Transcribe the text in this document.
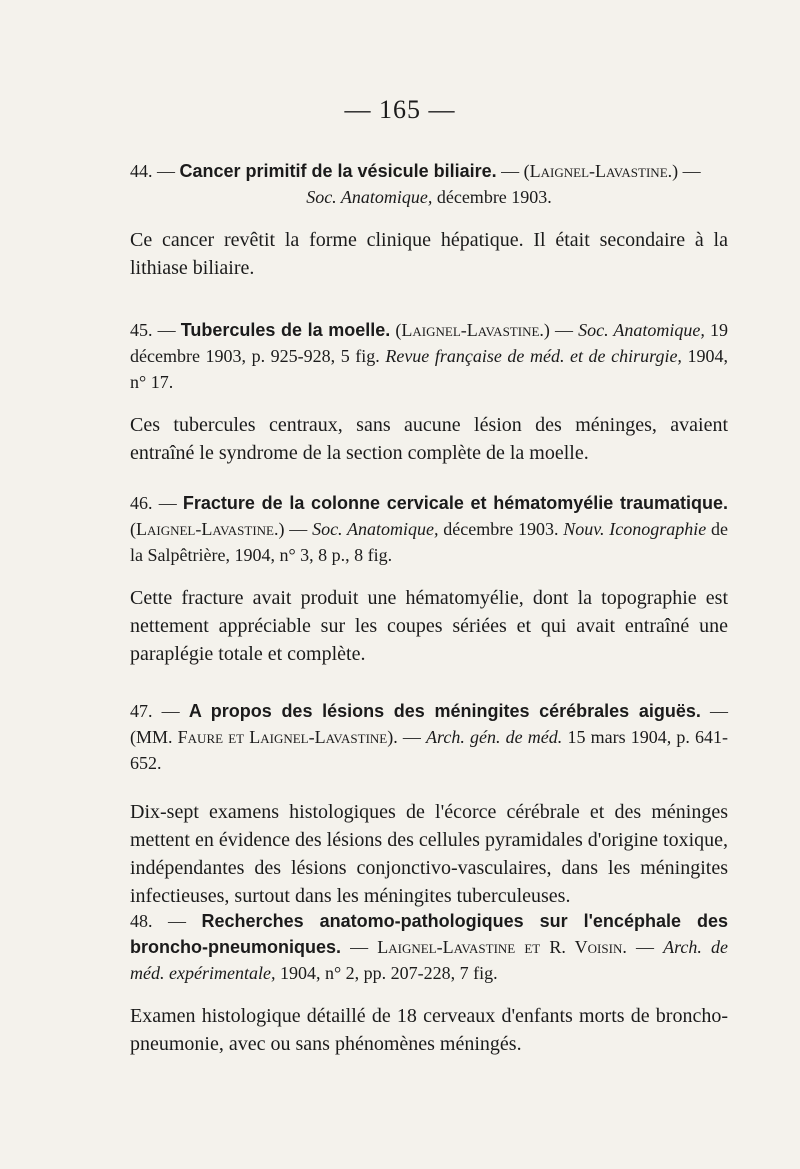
— 165 —
44. — Cancer primitif de la vésicule biliaire. — (Laignel-Lavastine.) —
Soc. Anatomique, décembre 1903.
Ce cancer revêtit la forme clinique hépatique. Il était secondaire à la lithiase biliaire.
45. — Tubercules de la moelle. (Laignel-Lavastine.) — Soc. Anatomique, 19 décembre 1903, p. 925-928, 5 fig. Revue française de méd. et de chirurgie, 1904, n° 17.
Ces tubercules centraux, sans aucune lésion des méninges, avaient entraîné le syndrome de la section complète de la moelle.
46. — Fracture de la colonne cervicale et hématomyélie traumatique. (Laignel-Lavastine.) — Soc. Anatomique, décembre 1903. Nouv. Iconographie de la Salpêtrière, 1904, n° 3, 8 p., 8 fig.
Cette fracture avait produit une hématomyélie, dont la topographie est nettement appréciable sur les coupes sériées et qui avait entraîné une paraplégie totale et complète.
47. — A propos des lésions des méningites cérébrales aiguës. — (MM. Faure et Laignel-Lavastine). — Arch. gén. de méd. 15 mars 1904, p. 641-652.
Dix-sept examens histologiques de l'écorce cérébrale et des méninges mettent en évidence des lésions des cellules pyramidales d'origine toxique, indépendantes des lésions conjonctivo-vasculaires, dans les méningites infectieuses, surtout dans les méningites tuberculeuses.
48. — Recherches anatomo-pathologiques sur l'encéphale des broncho-pneumoniques. — Laignel-Lavastine et R. Voisin. — Arch. de méd. expérimentale, 1904, n° 2, pp. 207-228, 7 fig.
Examen histologique détaillé de 18 cerveaux d'enfants morts de broncho-pneumonie, avec ou sans phénomènes méningés.
